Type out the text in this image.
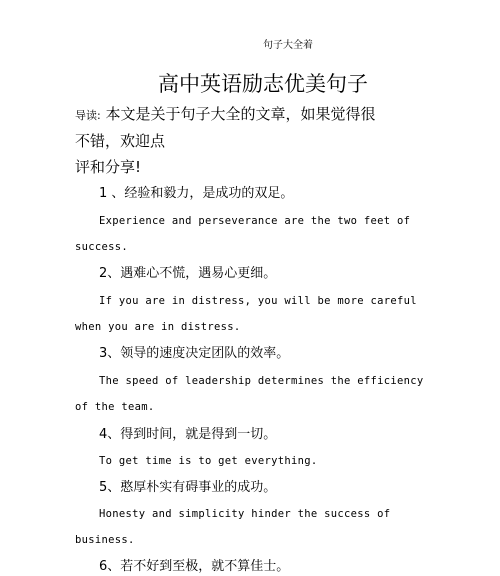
句子大全着
高中英语励志优美句子
导读: 本文是关于句子大全的文章，如果觉得很
不错，欢迎点
评和分享!
1 、经验和毅力，是成功的双足。
Experience and perseverance are the two feet of
success.
2、遇难心不慌，遇易心更细。
If you are in distress, you will be more careful
when you are in distress.
3、领导的速度决定团队的效率。
The speed of leadership determines the efficiency
of the team.
4、得到时间，就是得到一切。
To get time is to get everything.
5、憨厚朴实有碍事业的成功。
Honesty and simplicity hinder the success of
business.
6、若不好到至极，就不算佳士。
